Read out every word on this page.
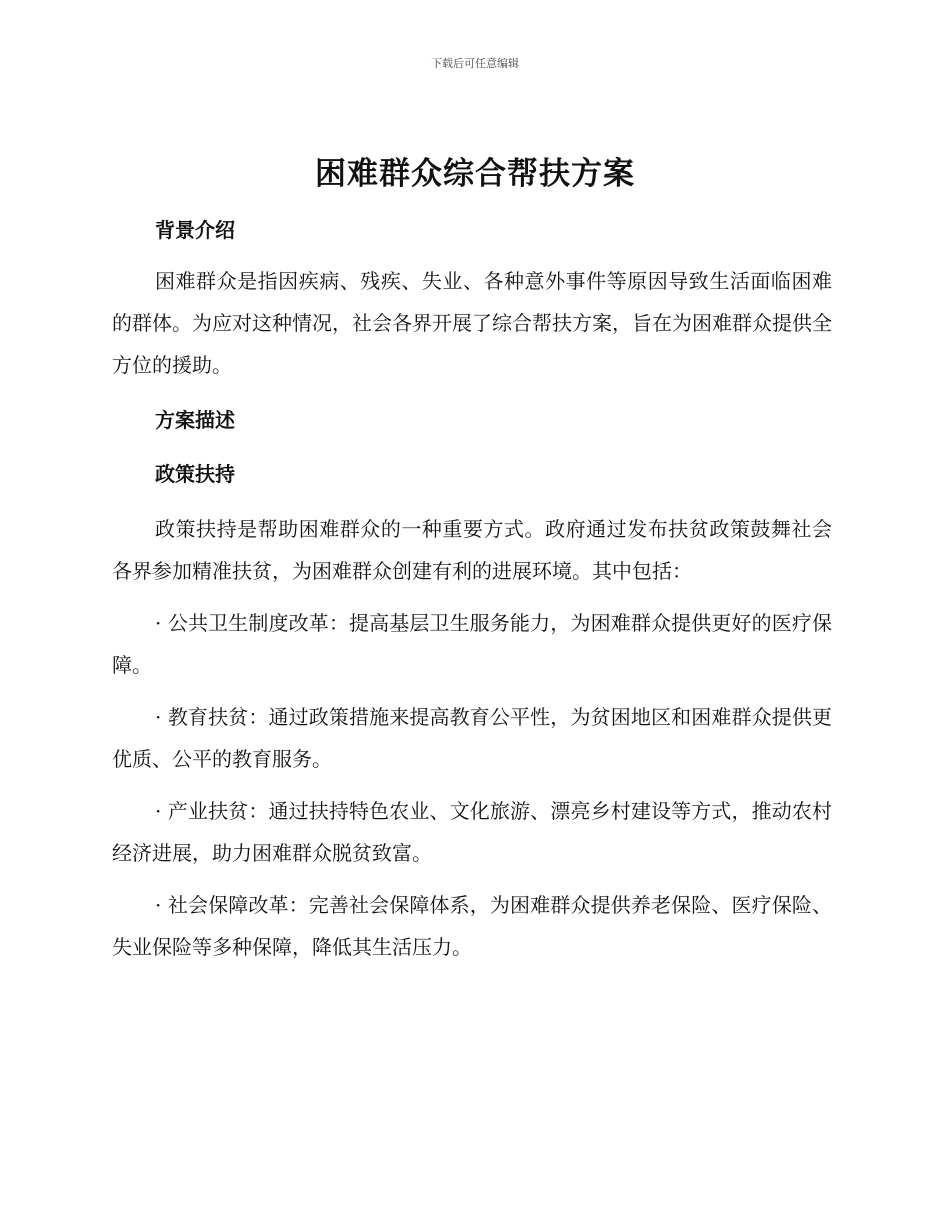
下载后可任意编辑
困难群众综合帮扶方案

背景介绍

困难群众是指因疾病、残疾、失业、各种意外事件等原因导致生活面临困难的群体。为应对这种情况，社会各界开展了综合帮扶方案，旨在为困难群众提供全方位的援助。

方案描述

政策扶持

政策扶持是帮助困难群众的一种重要方式。政府通过发布扶贫政策鼓舞社会各界参加精准扶贫，为困难群众创建有利的进展环境。其中包括：

· 公共卫生制度改革：提高基层卫生服务能力，为困难群众提供更好的医疗保障。

· 教育扶贫：通过政策措施来提高教育公平性，为贫困地区和困难群众提供更优质、公平的教育服务。

· 产业扶贫：通过扶持特色农业、文化旅游、漂亮乡村建设等方式，推动农村经济进展，助力困难群众脱贫致富。

· 社会保障改革：完善社会保障体系，为困难群众提供养老保险、医疗保险、失业保险等多种保障，降低其生活压力。
